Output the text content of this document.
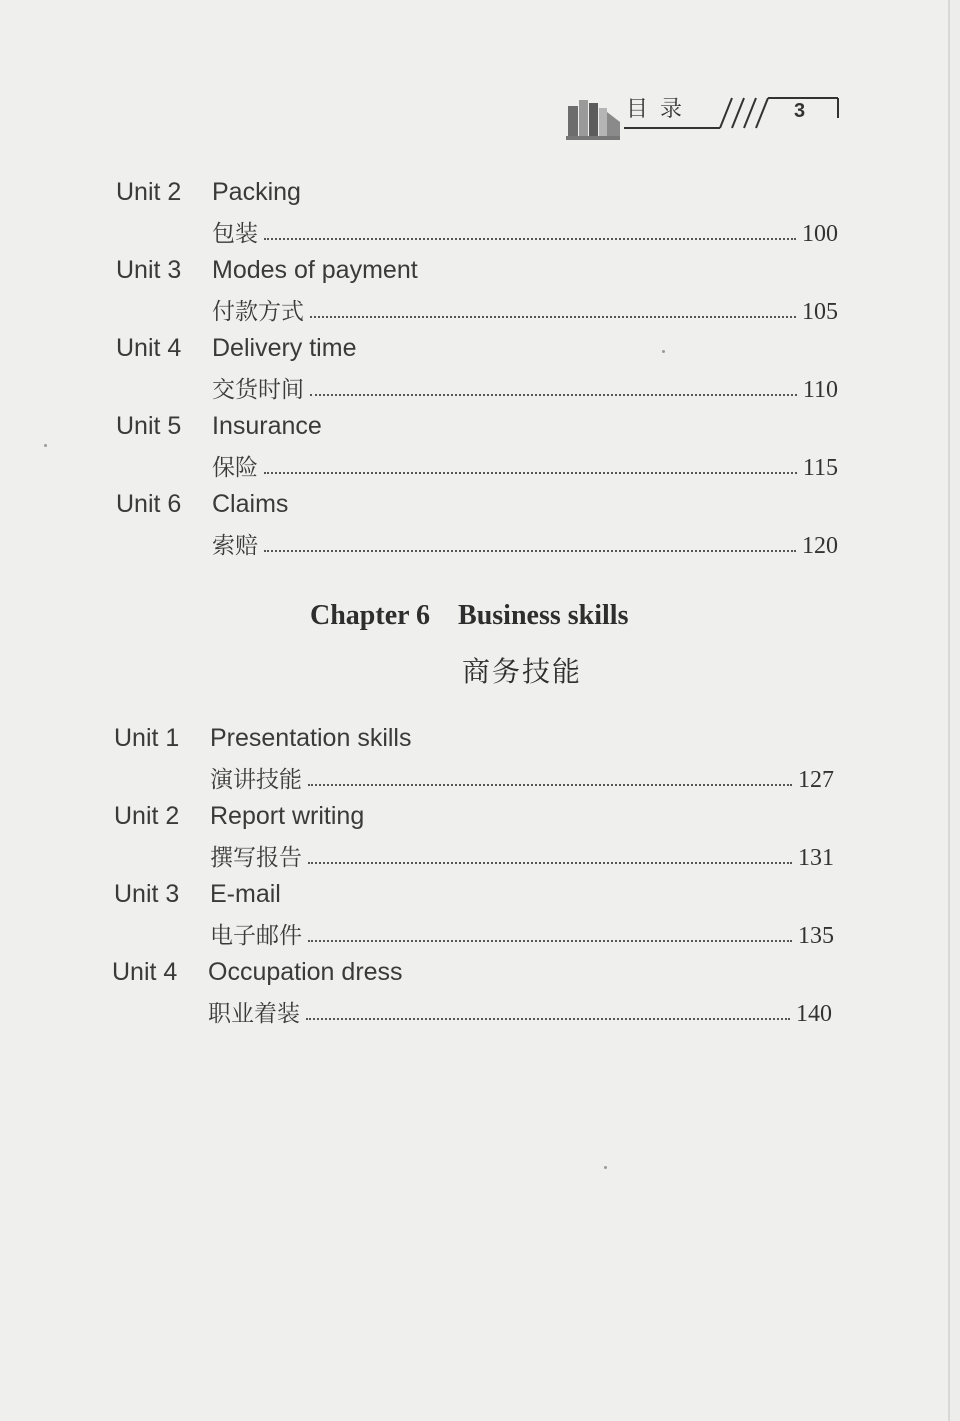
目录	3
Unit 2 Packing
包装	100
Unit 3 Modes of payment
付款方式	105
Unit 4 Delivery time
交货时间	110
Unit 5 Insurance
保险	115
Unit 6 Claims
索赔	120
Chapter 6 Business skills
商务技能
Unit 1 Presentation skills
演讲技能	127
Unit 2 Report writing
撰写报告	131
Unit 3 E-mail
电子邮件	135
Unit 4 Occupation dress
职业着装	140
